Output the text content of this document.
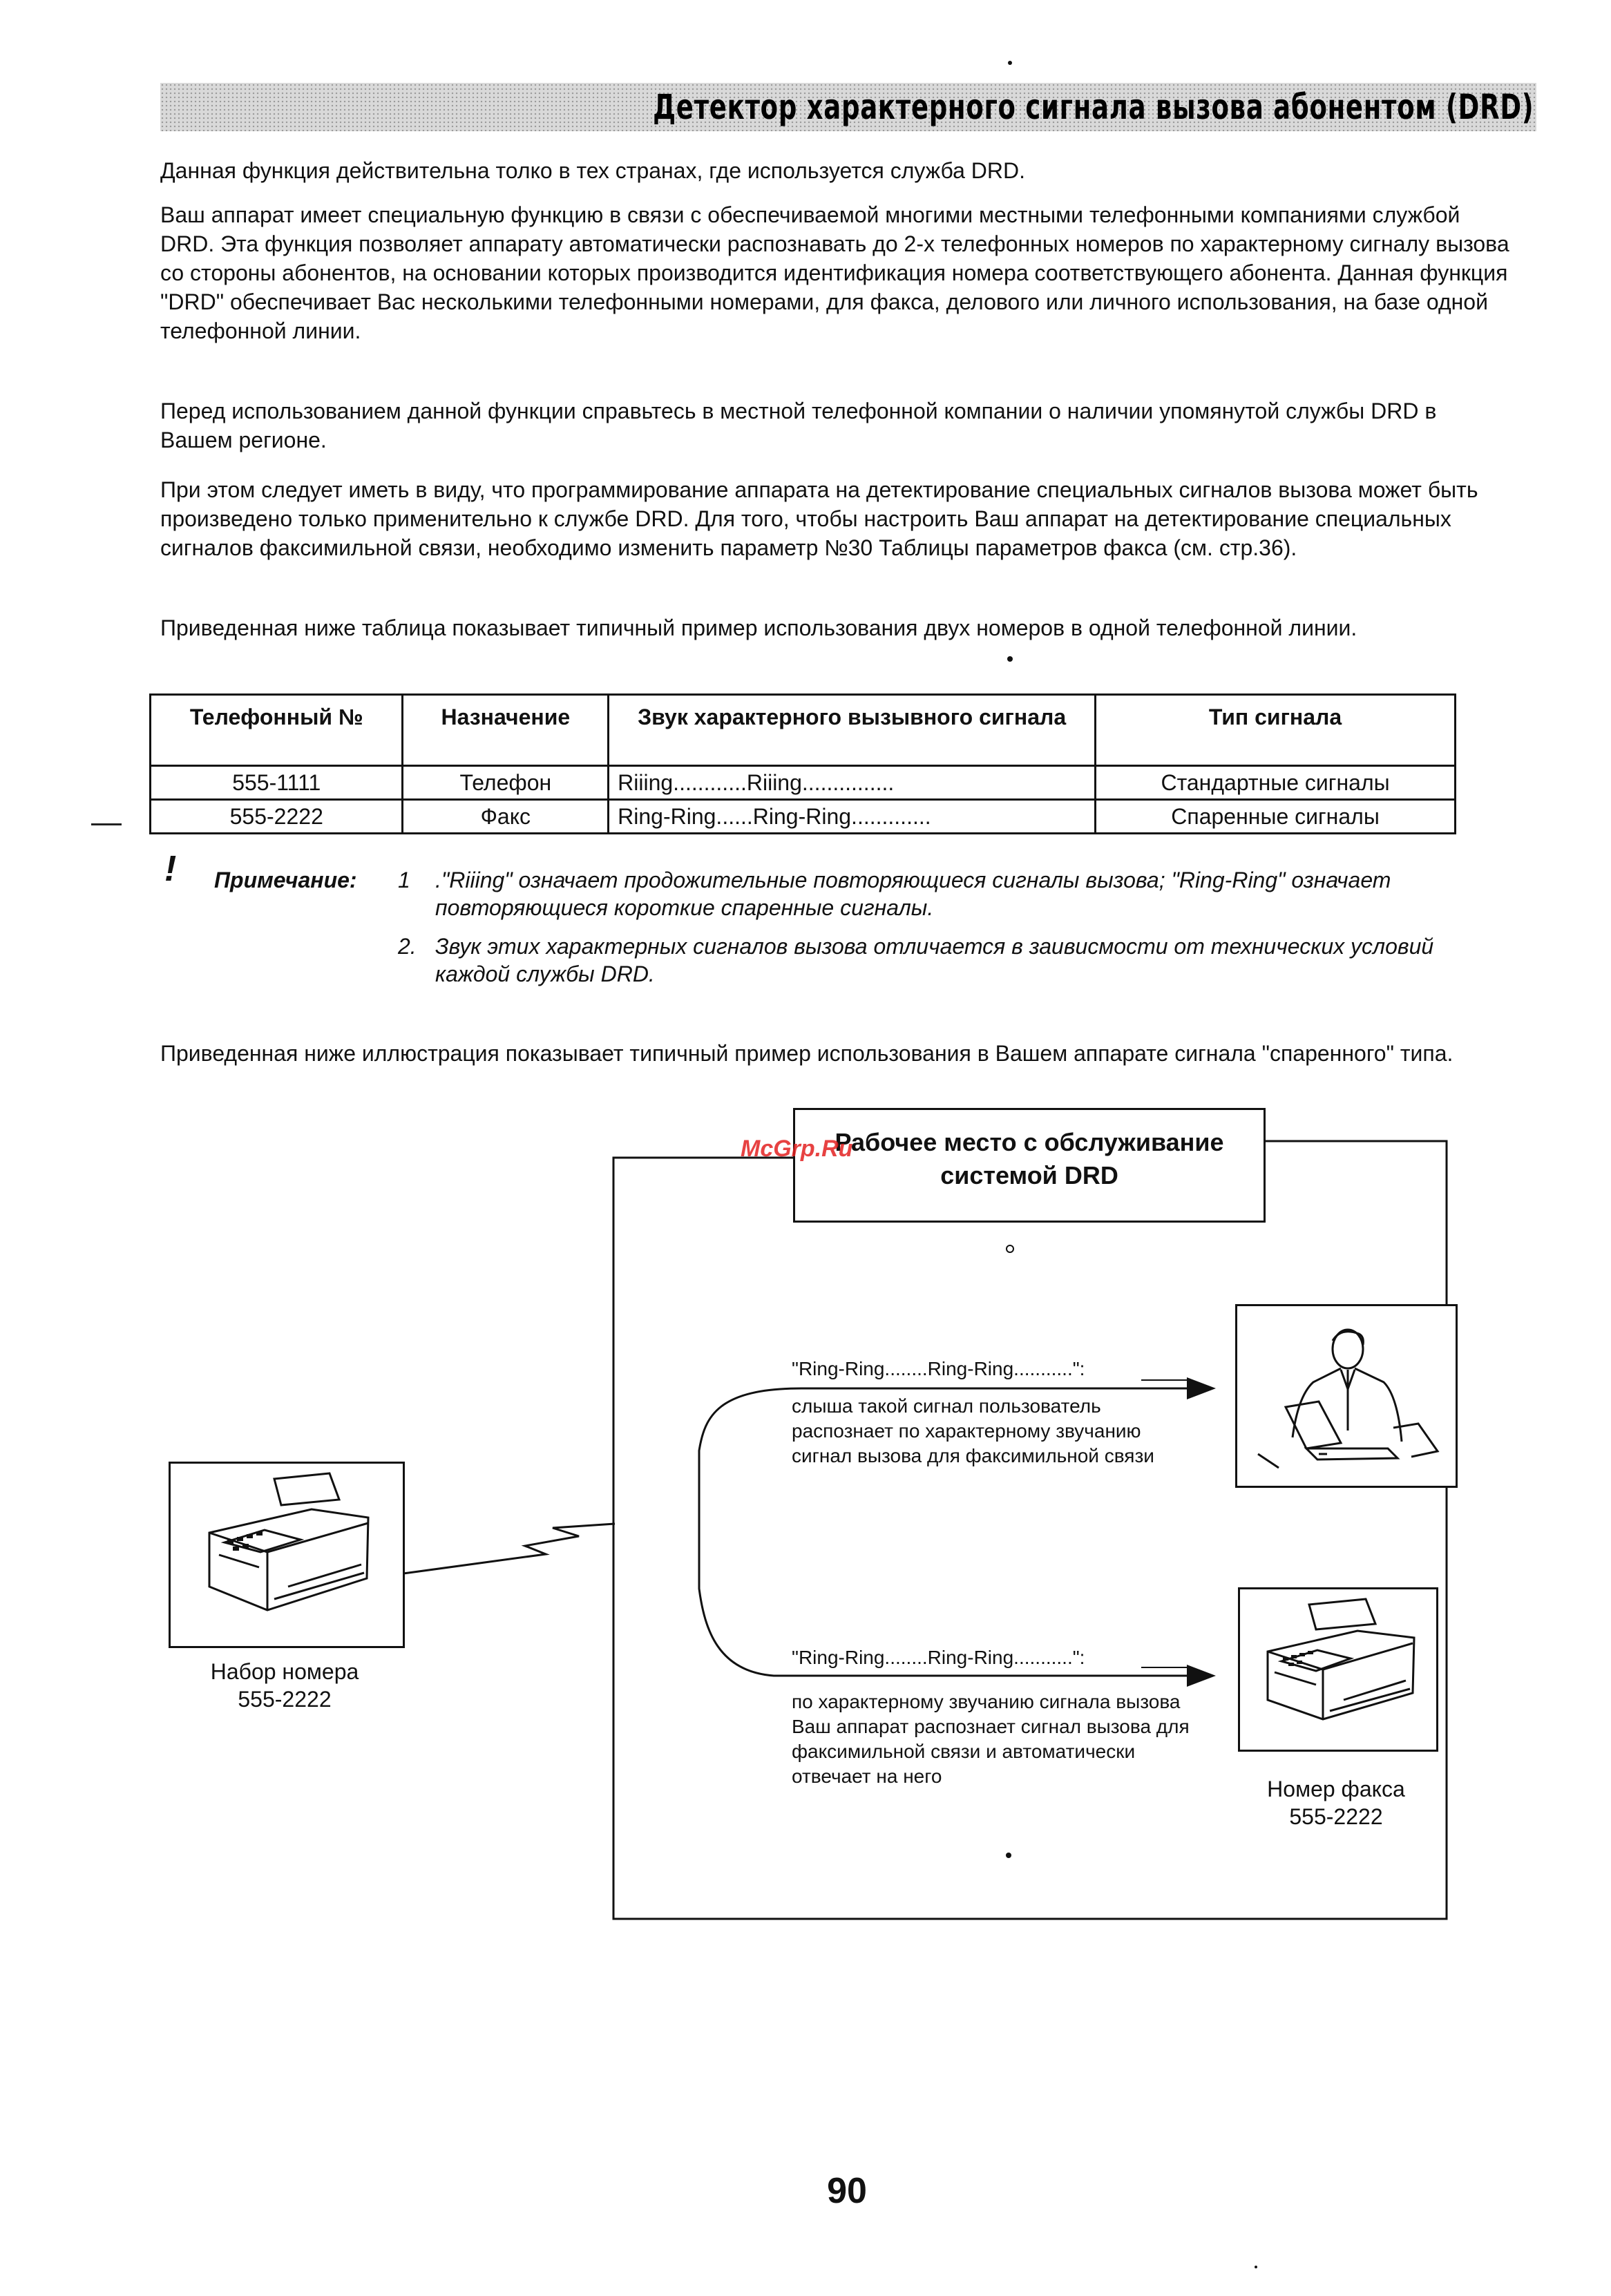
Детектор характерного сигнала вызова абонентом (DRD)
Данная функция действительна толко в тех странах, где используется служба DRD.
Ваш аппарат имеет специальную функцию в связи с обеспечиваемой многими местными телефонными компаниями службой DRD. Эта функция позволяет аппарату автоматически распознавать до 2-х телефонных номеров по характерному сигналу вызова со стороны абонентов, на основании которых производится идентификация номера соответствующего абонента. Данная функция "DRD" обеспечивает Вас несколькими телефонными номерами, для факса, делового или личного использования, на базе одной телефонной линии.
Перед использованием данной функции справьтесь в местной телефонной компании о наличии упомянутой службы DRD в Вашем регионе.
При этом следует иметь в виду, что программирование аппарата на детектирование специальных сигналов вызова может быть произведено только применительно к службе DRD. Для того, чтобы настроить Ваш аппарат на детектирование специальных сигналов факсимильной связи, необходимо изменить параметр №30 Таблицы параметров факса (см. стр.36).
Приведенная ниже таблица показывает типичный пример использования двух номеров в одной телефонной линии.
Телефонный №	Назначение	Звук характерного вызывного сигнала	Тип сигнала
555-1111	Телефон	Riiing............Riiing...............	Стандартные сигналы
555-2222	Факс	Ring-Ring......Ring-Ring.............	Спаренные сигналы
! Примечание: 1 ."Riiing" означает продожительные повторяющиеся сигналы вызова; "Ring-Ring" означает повторяющиеся короткие спаренные сигналы.
2. Звук этих характерных сигналов вызова отличается в заивисмости от технических условий каждой службы DRD.
Приведенная ниже иллюстрация показывает типичный пример использования в Вашем аппарате сигнала "спаренного" типа.
Рабочее место с обслуживание системой DRD
McGrp.Ru
"Ring-Ring........Ring-Ring...........":
слыша такой сигнал пользователь распознает по характерному звучанию сигнал вызова для факсимильной связи
"Ring-Ring........Ring-Ring...........":
по характерному звучанию сигнала вызова Ваш аппарат распознает сигнал вызова для факсимильной связи и автоматически отвечает на него
Номер факса
555-2222
Набор номера
555-2222
90
